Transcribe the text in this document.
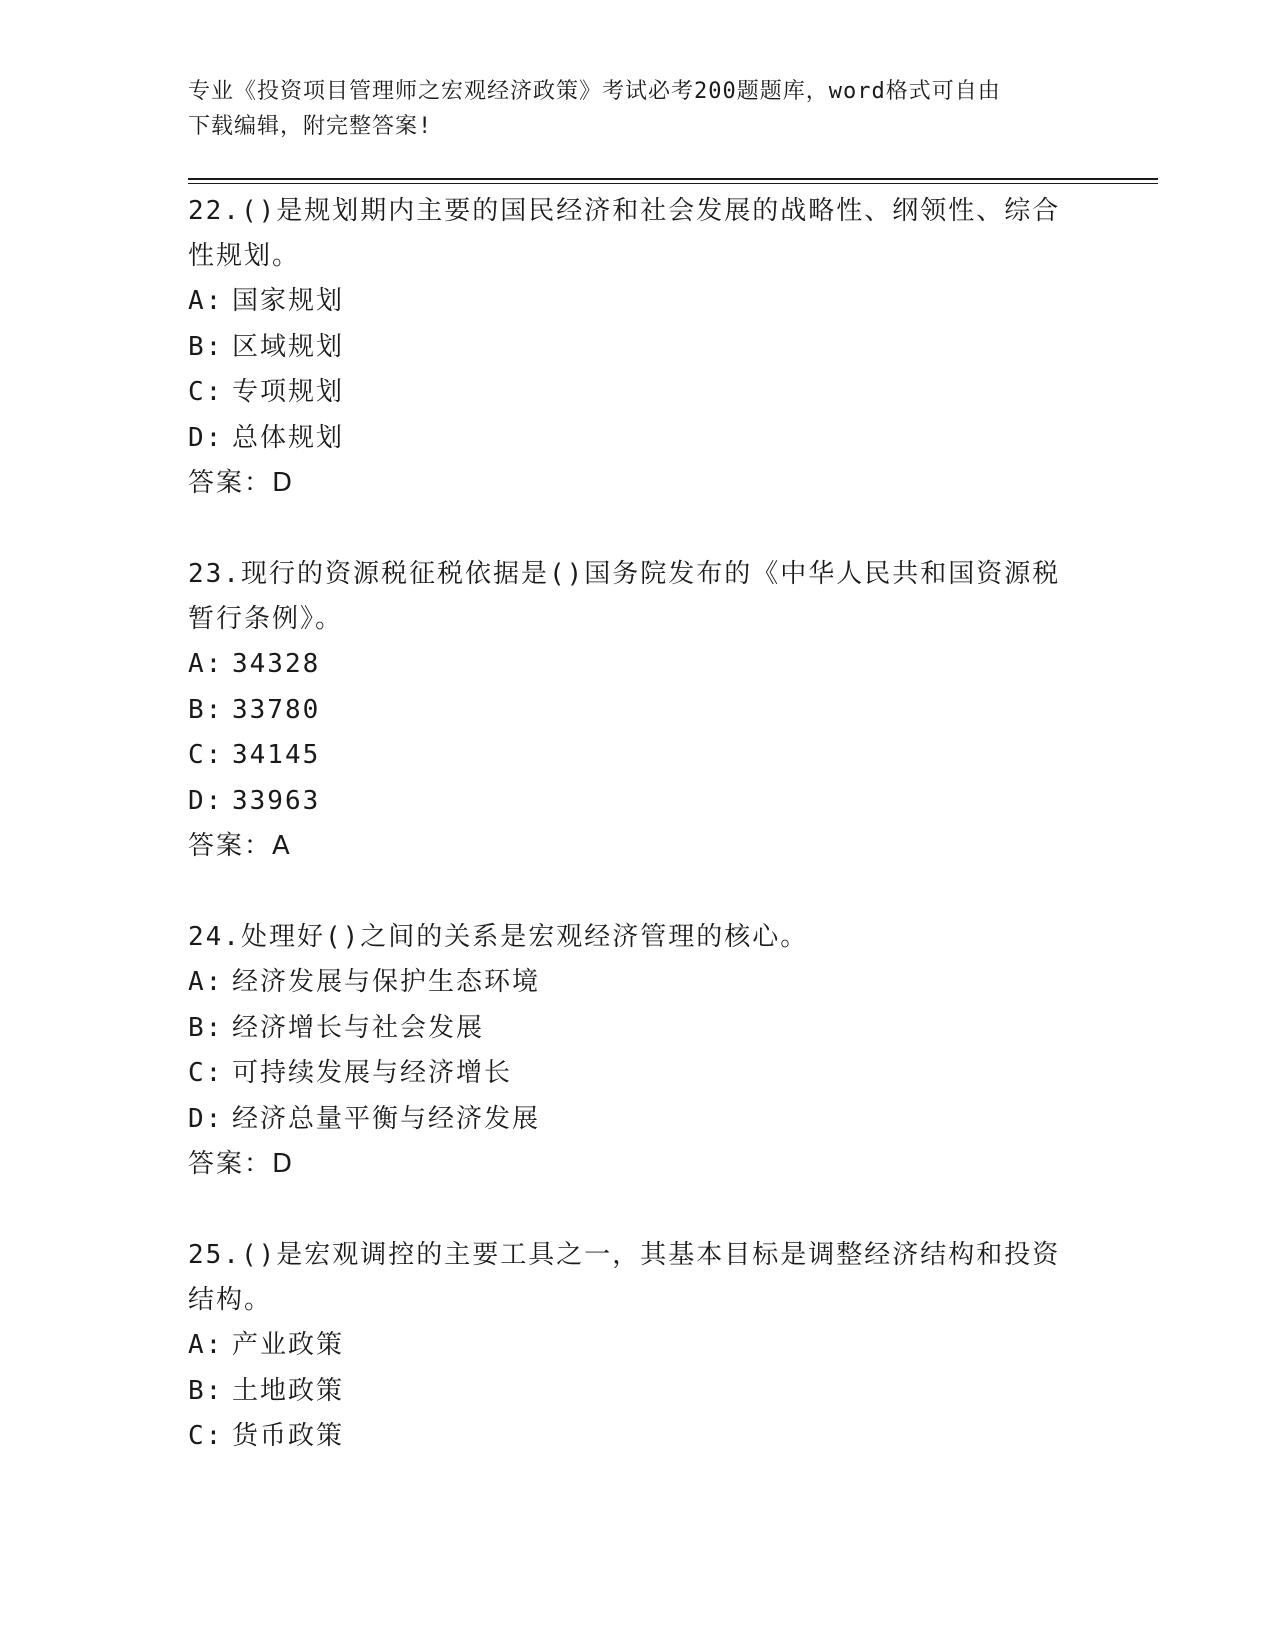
专业《投资项目管理师之宏观经济政策》考试必考200题题库，word格式可自由
下载编辑，附完整答案!
22.()是规划期内主要的国民经济和社会发展的战略性、纲领性、综合
性规划。
A: 国家规划
B: 区域规划
C: 专项规划
D: 总体规划
答案：D
23.现行的资源税征税依据是()国务院发布的《中华人民共和国资源税
暂行条例》。
A: 34328
B: 33780
C: 34145
D: 33963
答案：A
24.处理好()之间的关系是宏观经济管理的核心。
A: 经济发展与保护生态环境
B: 经济增长与社会发展
C: 可持续发展与经济增长
D: 经济总量平衡与经济发展
答案：D
25.()是宏观调控的主要工具之一，其基本目标是调整经济结构和投资
结构。
A: 产业政策
B: 土地政策
C: 货币政策
